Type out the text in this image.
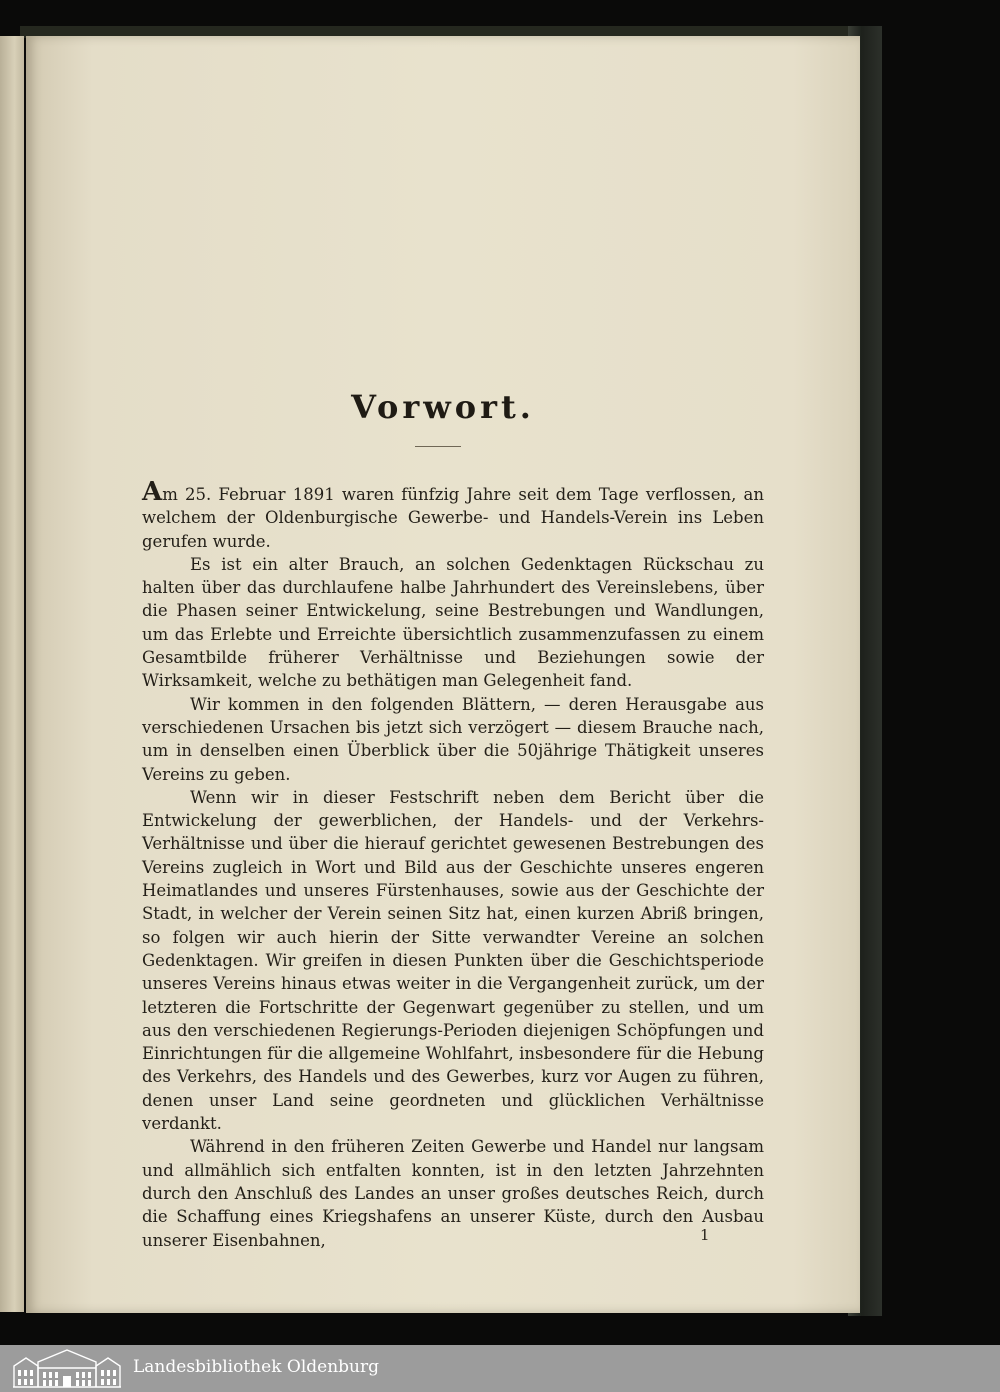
Vorwort.

Am 25. Februar 1891 waren fünfzig Jahre seit dem Tage verflossen, an welchem der Oldenburgische Gewerbe- und Handels-Verein ins Leben gerufen wurde.

Es ist ein alter Brauch, an solchen Gedenktagen Rückschau zu halten über das durchlaufene halbe Jahrhundert des Vereinslebens, über die Phasen seiner Entwickelung, seine Bestrebungen und Wandlungen, um das Erlebte und Erreichte übersichtlich zusammenzufassen zu einem Gesamtbilde früherer Verhältnisse und Beziehungen sowie der Wirksamkeit, welche zu bethätigen man Gelegenheit fand.

Wir kommen in den folgenden Blättern, — deren Herausgabe aus verschiedenen Ursachen bis jetzt sich verzögert — diesem Brauche nach, um in denselben einen Überblick über die 50jährige Thätigkeit unseres Vereins zu geben.

Wenn wir in dieser Festschrift neben dem Bericht über die Entwickelung der gewerblichen, der Handels- und der Verkehrs-Verhältnisse und über die hierauf gerichtet gewesenen Bestrebungen des Vereins zugleich in Wort und Bild aus der Geschichte unseres engeren Heimatlandes und unseres Fürstenhauses, sowie aus der Geschichte der Stadt, in welcher der Verein seinen Sitz hat, einen kurzen Abriß bringen, so folgen wir auch hierin der Sitte verwandter Vereine an solchen Gedenktagen. Wir greifen in diesen Punkten über die Geschichtsperiode unseres Vereins hinaus etwas weiter in die Vergangenheit zurück, um der letzteren die Fortschritte der Gegenwart gegenüber zu stellen, und um aus den verschiedenen Regierungs-Perioden diejenigen Schöpfungen und Einrichtungen für die allgemeine Wohlfahrt, insbesondere für die Hebung des Verkehrs, des Handels und des Gewerbes, kurz vor Augen zu führen, denen unser Land seine geordneten und glücklichen Verhältnisse verdankt.

Während in den früheren Zeiten Gewerbe und Handel nur langsam und allmählich sich entfalten konnten, ist in den letzten Jahrzehnten durch den Anschluß des Landes an unser großes deutsches Reich, durch die Schaffung eines Kriegshafens an unserer Küste, durch den Ausbau unserer Eisenbahnen,	1
Landesbibliothek Oldenburg
